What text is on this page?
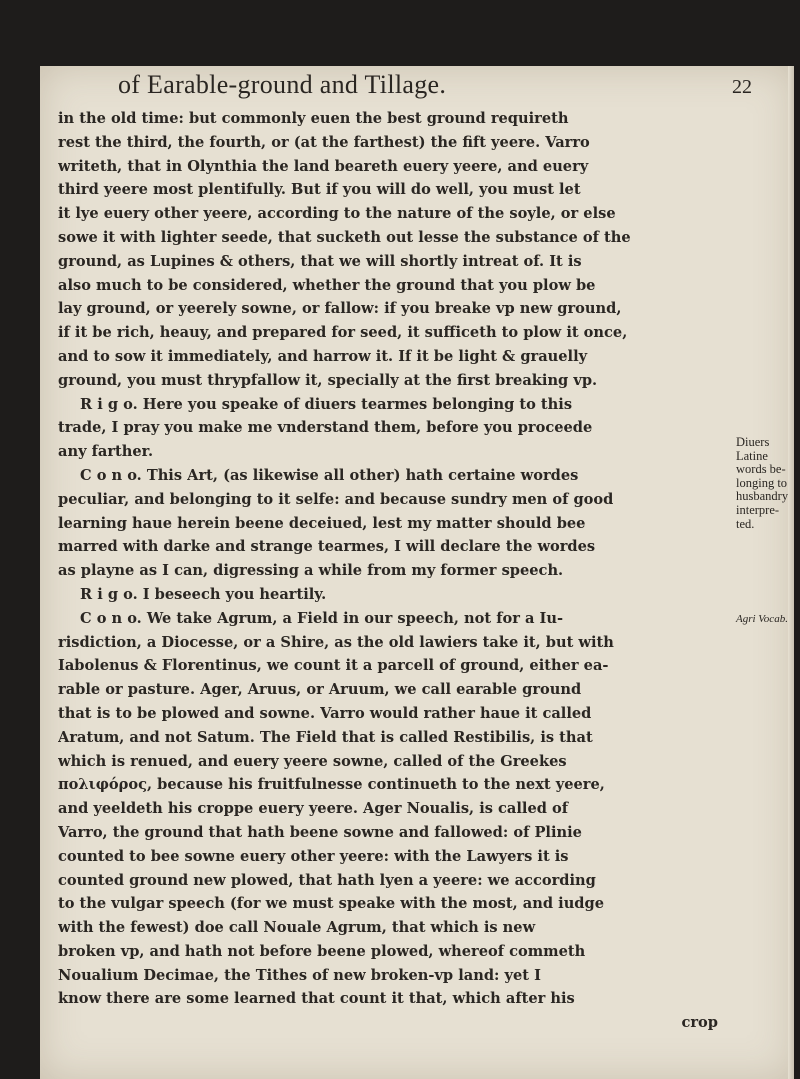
of Earable-ground and Tillage.	22
in the old time: but commonly euen the best ground requireth
rest the third, the fourth, or (at the farthest) the fift yeere. Varro
writeth, that in Olynthia the land beareth euery yeere, and euery
third yeere most plentifully. But if you will do well, you must let
it lye euery other yeere, according to the nature of the soyle, or else
sowe it with lighter seede, that sucketh out lesse the substance of the
ground, as Lupines & others, that we will shortly intreat of. It is
also much to be considered, whether the ground that you plow be
lay ground, or yeerely sowne, or fallow: if you breake vp new ground,
if it be rich, heauy, and prepared for seed, it sufficeth to plow it once,
and to sow it immediately, and harrow it. If it be light & grauelly
ground, you must thrypfallow it, specially at the first breaking vp.
R i g o. Here you speake of diuers tearmes belonging to this
trade, I pray you make me vnderstand them, before you proceede
any farther.
C o n o. This Art, (as likewise all other) hath certaine wordes
peculiar, and belonging to it selfe: and because sundry men of good
learning haue herein beene deceiued, lest my matter should bee
marred with darke and strange tearmes, I will declare the wordes
as playne as I can, digressing a while from my former speech.
R i g o. I beseech you heartily.
C o n o. We take Agrum, a Field in our speech, not for a Iu-
risdiction, a Diocesse, or a Shire, as the old lawiers take it, but with
Iabolenus & Florentinus, we count it a parcell of ground, either ea-
rable or pasture. Ager, Aruus, or Aruum, we call earable ground
that is to be plowed and sowne. Varro would rather haue it called
Aratum, and not Satum. The Field that is called Restibilis, is that
which is renued, and euery yeere sowne, called of the Greekes
πολιφόρος, because his fruitfulnesse continueth to the next yeere,
and yeeldeth his croppe euery yeere. Ager Noualis, is called of
Varro, the ground that hath beene sowne and fallowed: of Plinie
counted to bee sowne euery other yeere: with the Lawyers it is
counted ground new plowed, that hath lyen a yeere: we according
to the vulgar speech (for we must speake with the most, and iudge
with the fewest) doe call Nouale Agrum, that which is new
broken vp, and hath not before beene plowed, whereof commeth
Noualium Decimae, the Tithes of new broken-vp land: yet I
know there are some learned that count it that, which after his
crop
Diuers Latine words be-longing to husbandry interpre-ted.
Agri Vocab.
